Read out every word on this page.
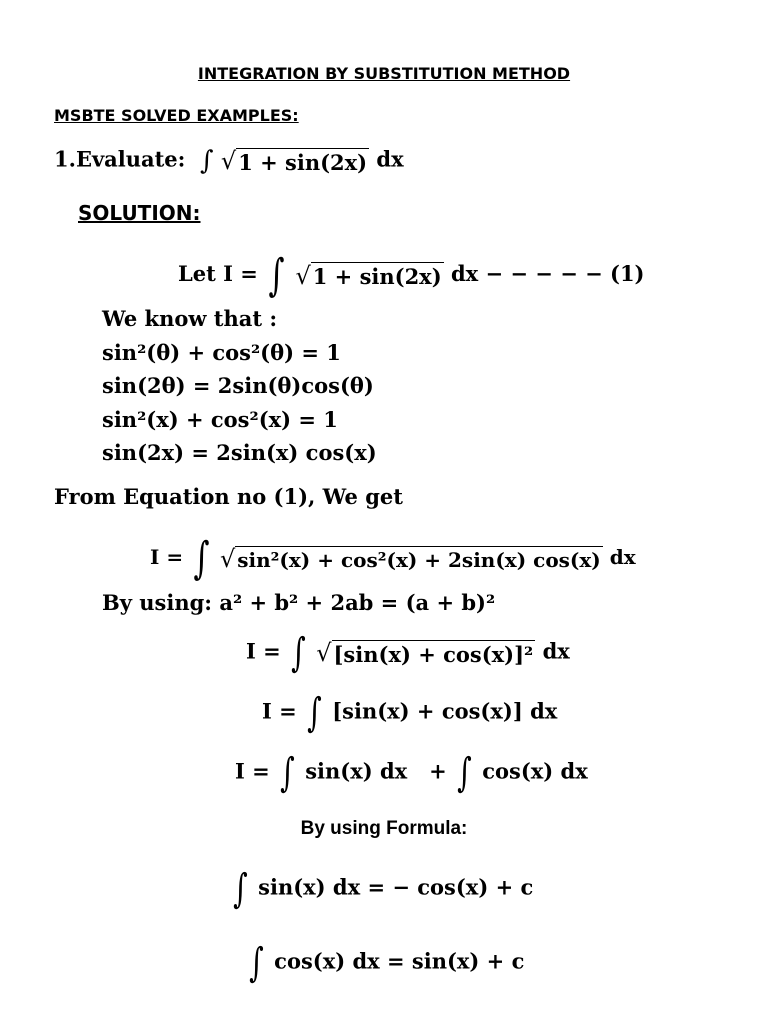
INTEGRATION BY SUBSTITUTION METHOD
MSBTE SOLVED EXAMPLES:
1.Evaluate: ∫ √1 + sin(2x) dx
SOLUTION:
Let I = ∫ √1 + sin(2x) dx − − − − − (1)
We know that :
sin²(θ) + cos²(θ) = 1
sin(2θ) = 2sin(θ)cos(θ)
sin²(x) + cos²(x) = 1
sin(2x) = 2sin(x) cos(x)
From Equation no (1), We get
I = ∫ √ sin²(x) + cos²(x) + 2sin(x) cos(x) dx
By using: a² + b² + 2ab = (a + b)²
I = ∫ √[sin(x) + cos(x)]² dx
I = ∫ [sin(x) + cos(x)] dx
I = ∫ sin(x) dx + ∫ cos(x) dx
By using Formula:
∫ sin(x) dx = − cos(x) + c
∫ cos(x) dx = sin(x) + c
